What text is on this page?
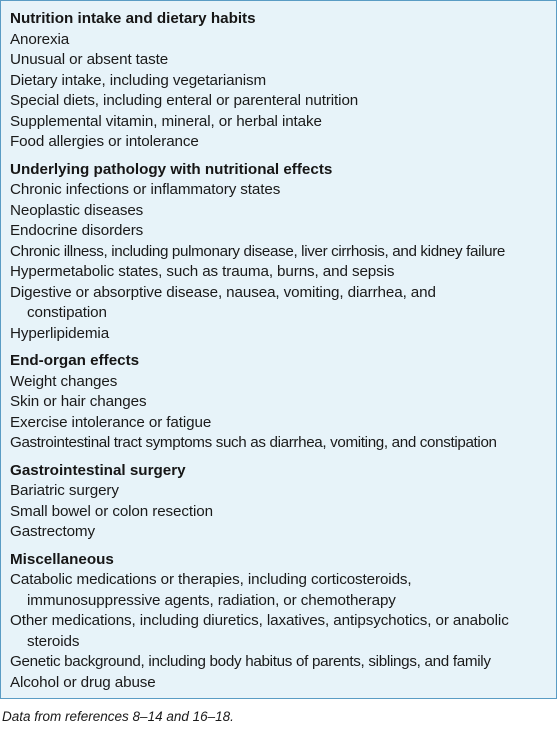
Nutrition intake and dietary habits
Anorexia
Unusual or absent taste
Dietary intake, including vegetarianism
Special diets, including enteral or parenteral nutrition
Supplemental vitamin, mineral, or herbal intake
Food allergies or intolerance
Underlying pathology with nutritional effects
Chronic infections or inflammatory states
Neoplastic diseases
Endocrine disorders
Chronic illness, including pulmonary disease, liver cirrhosis, and kidney failure
Hypermetabolic states, such as trauma, burns, and sepsis
Digestive or absorptive disease, nausea, vomiting, diarrhea, and constipation
Hyperlipidemia
End-organ effects
Weight changes
Skin or hair changes
Exercise intolerance or fatigue
Gastrointestinal tract symptoms such as diarrhea, vomiting, and constipation
Gastrointestinal surgery
Bariatric surgery
Small bowel or colon resection
Gastrectomy
Miscellaneous
Catabolic medications or therapies, including corticosteroids, immunosuppressive agents, radiation, or chemotherapy
Other medications, including diuretics, laxatives, antipsychotics, or anabolic steroids
Genetic background, including body habitus of parents, siblings, and family
Alcohol or drug abuse
Data from references 8–14 and 16–18.
